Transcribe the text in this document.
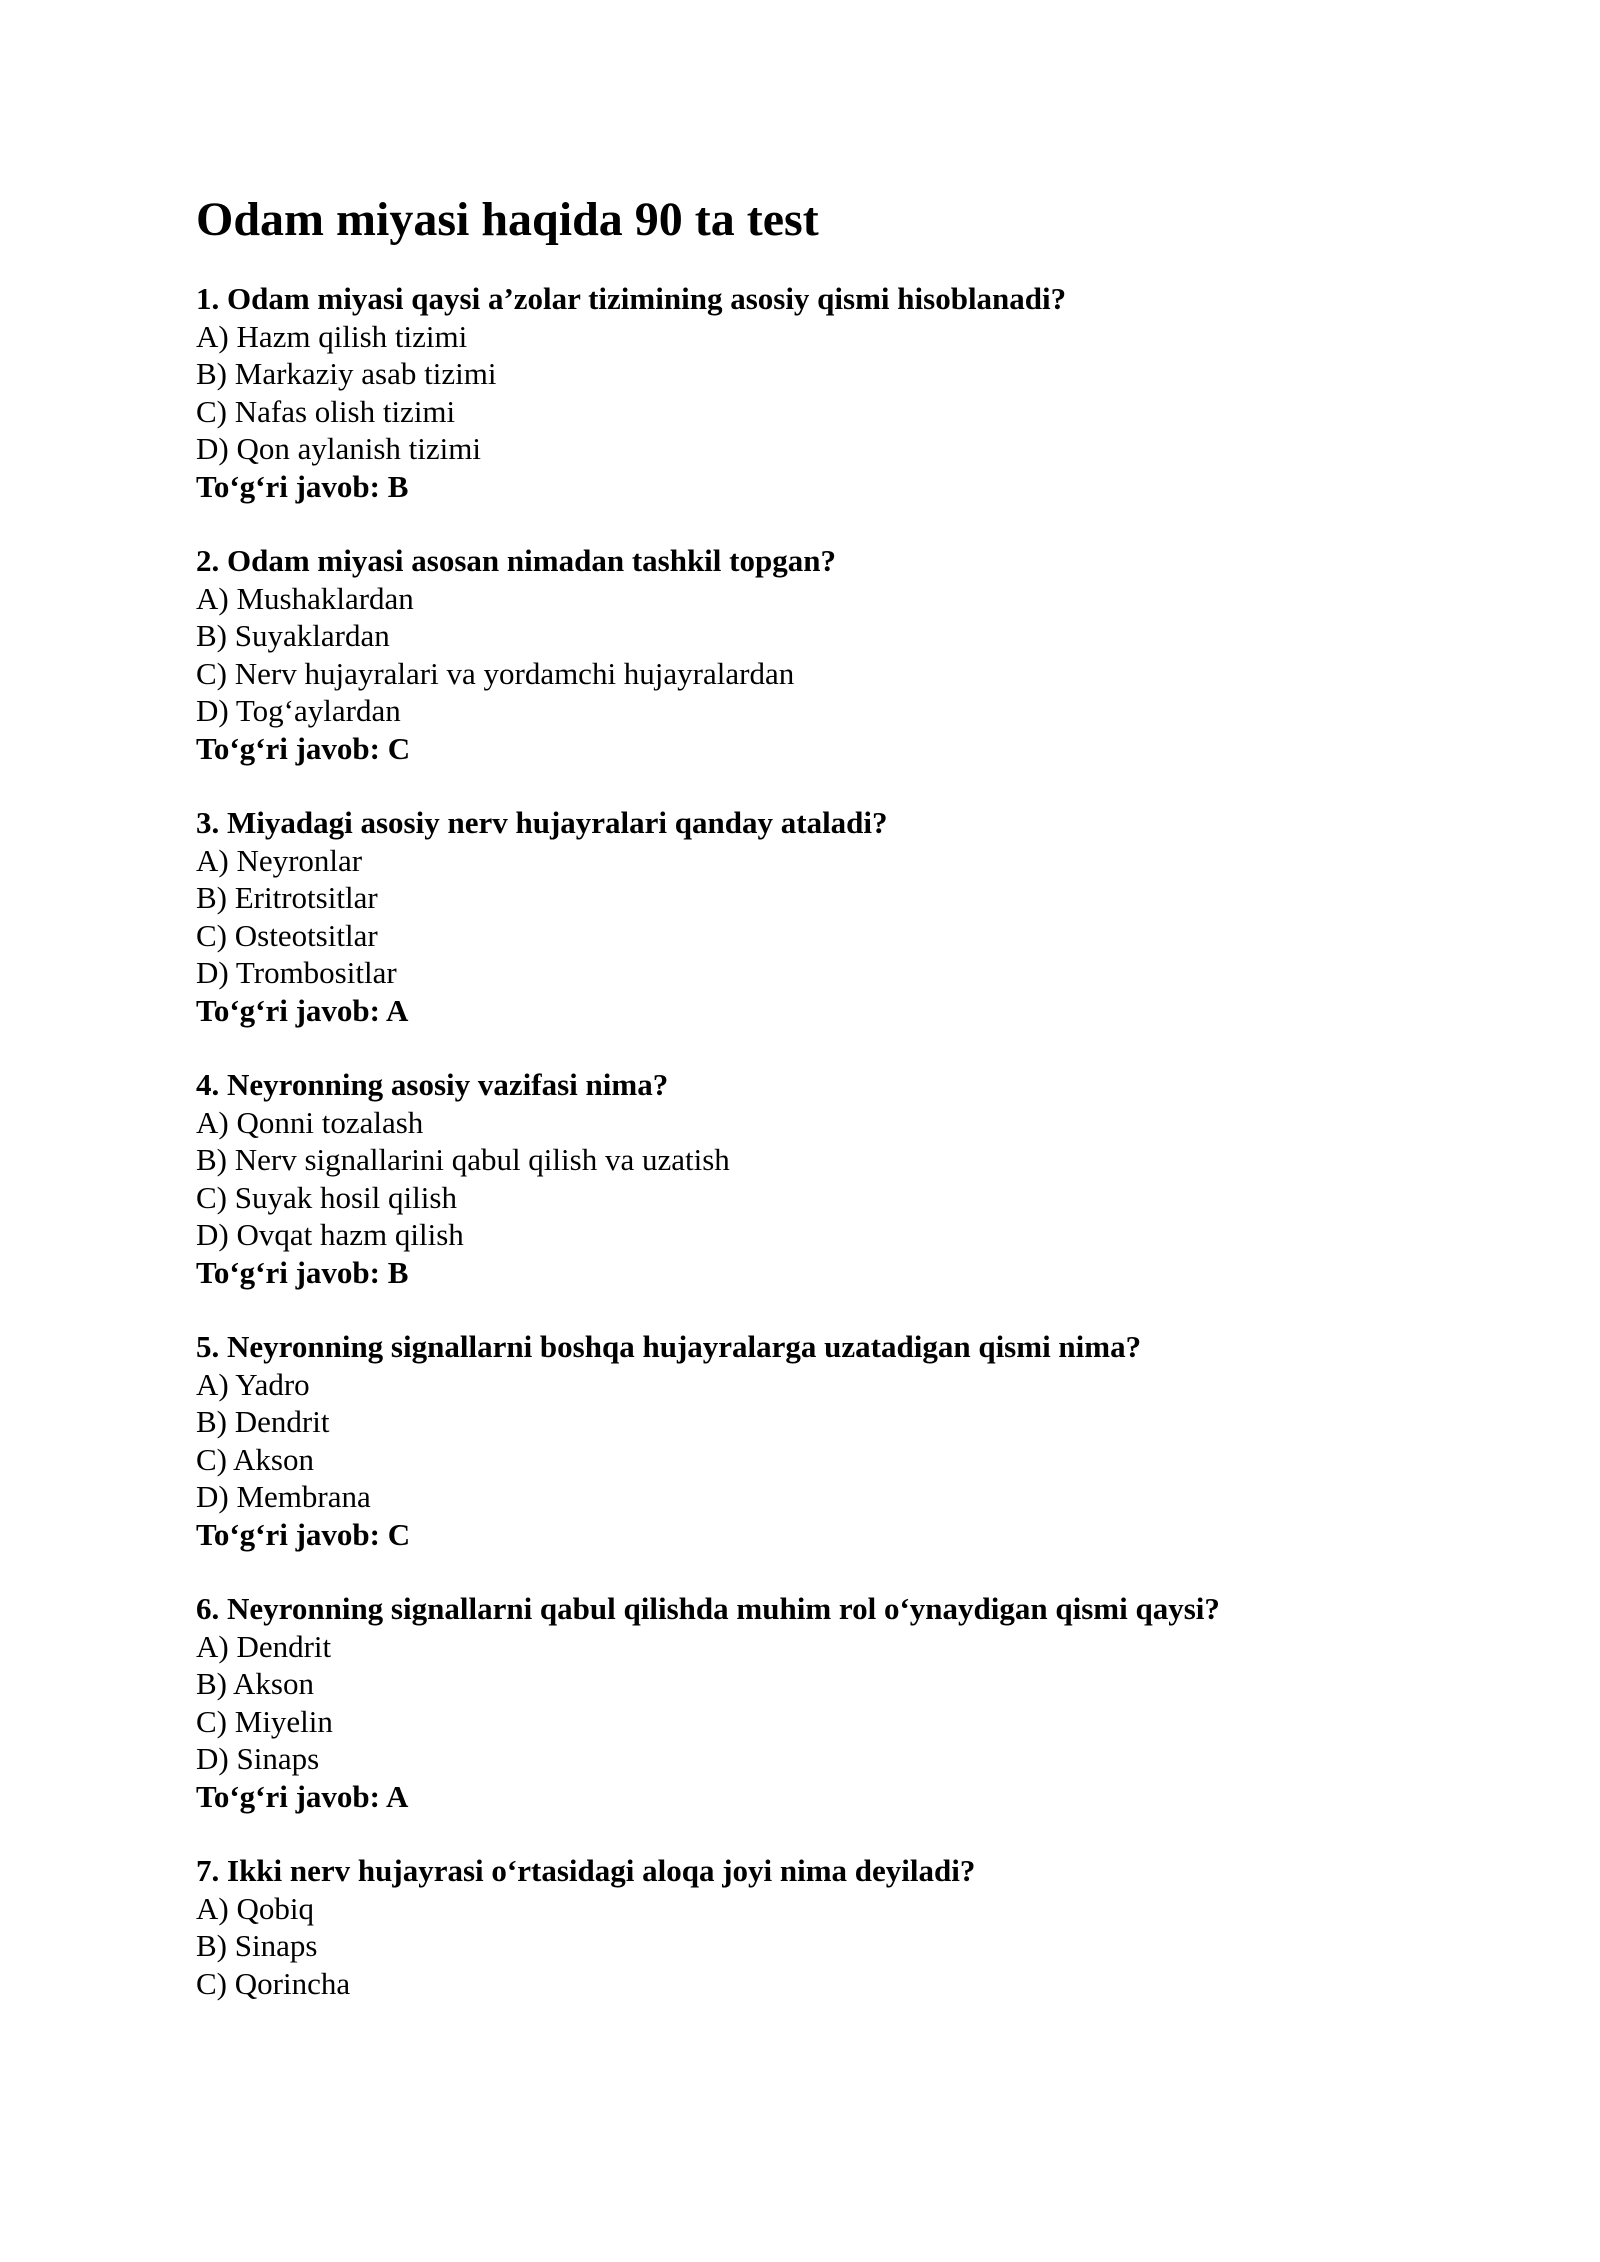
Odam miyasi haqida 90 ta test
1. Odam miyasi qaysi a’zolar tizimining asosiy qismi hisoblanadi?
A) Hazm qilish tizimi
B) Markaziy asab tizimi
C) Nafas olish tizimi
D) Qon aylanish tizimi
To‘g‘ri javob: B
2. Odam miyasi asosan nimadan tashkil topgan?
A) Mushaklardan
B) Suyaklardan
C) Nerv hujayralari va yordamchi hujayralardan
D) Tog‘aylardan
To‘g‘ri javob: C
3. Miyadagi asosiy nerv hujayralari qanday ataladi?
A) Neyronlar
B) Eritrotsitlar
C) Osteotsitlar
D) Trombositlar
To‘g‘ri javob: A
4. Neyronning asosiy vazifasi nima?
A) Qonni tozalash
B) Nerv signallarini qabul qilish va uzatish
C) Suyak hosil qilish
D) Ovqat hazm qilish
To‘g‘ri javob: B
5. Neyronning signallarni boshqa hujayralarga uzatadigan qismi nima?
A) Yadro
B) Dendrit
C) Akson
D) Membrana
To‘g‘ri javob: C
6. Neyronning signallarni qabul qilishda muhim rol o‘ynaydigan qismi qaysi?
A) Dendrit
B) Akson
C) Miyelin
D) Sinaps
To‘g‘ri javob: A
7. Ikki nerv hujayrasi o‘rtasidagi aloqa joyi nima deyiladi?
A) Qobiq
B) Sinaps
C) Qorincha
